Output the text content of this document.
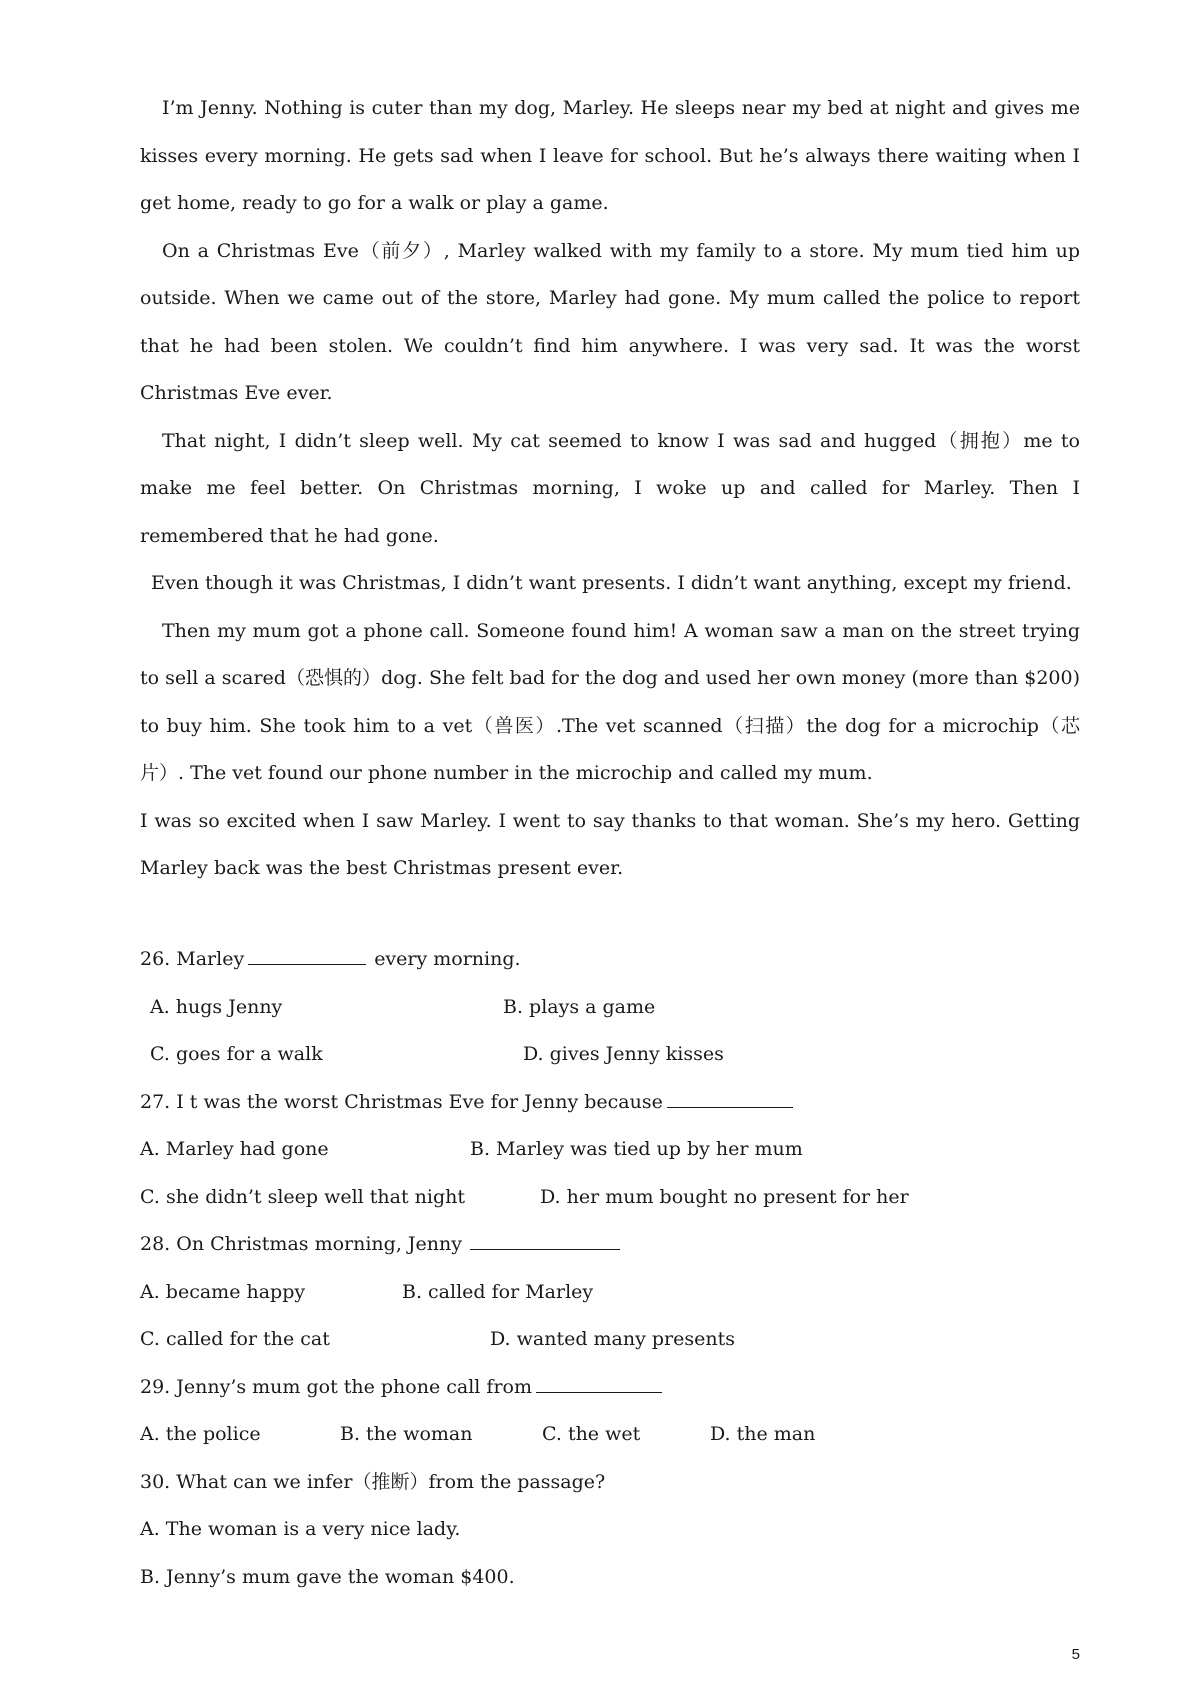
I’m Jenny. Nothing is cuter than my dog, Marley. He sleeps near my bed at night and gives me kisses every morning. He gets sad when I leave for school. But he’s always there waiting when I get home, ready to go for a walk or play a game.

On a Christmas Eve（前夕）, Marley walked with my family to a store. My mum tied him up outside. When we came out of the store, Marley had gone. My mum called the police to report that he had been stolen. We couldn’t find him anywhere. I was very sad. It was the worst Christmas Eve ever.

That night, I didn’t sleep well. My cat seemed to know I was sad and hugged（拥抱）me to make me feel better. On Christmas morning, I woke up and called for Marley. Then I remembered that he had gone.

Even though it was Christmas, I didn’t want presents. I didn’t want anything, except my friend.

Then my mum got a phone call. Someone found him! A woman saw a man on the street trying to sell a scared（恐惧的）dog. She felt bad for the dog and used her own money (more than $200) to buy him. She took him to a vet（兽医）.The vet scanned（扫描）the dog for a microchip（芯片）. The vet found our phone number in the microchip and called my mum.

I was so excited when I saw Marley. I went to say thanks to that woman. She’s my hero. Getting Marley back was the best Christmas present ever.

26. Marley	every morning.

A. hugs Jenny

	B. plays a game

C. goes for a walk

	D. gives Jenny kisses

27. I t was the worst Christmas Eve for Jenny because

A. Marley had gone

	B. Marley was tied up by her mum

C. she didn’t sleep well that night

	D. her mum bought no present for her

28. On Christmas morning, Jenny

A. became happy

	B. called for Marley

C. called for the cat

	D. wanted many presents

29. Jenny’s mum got the phone call from

A. the police

	B. the woman

	C. the wet

	D. the man

30. What can we infer（推断）from the passage?

A. The woman is a very nice lady.

B. Jenny’s mum gave the woman $400.

5
